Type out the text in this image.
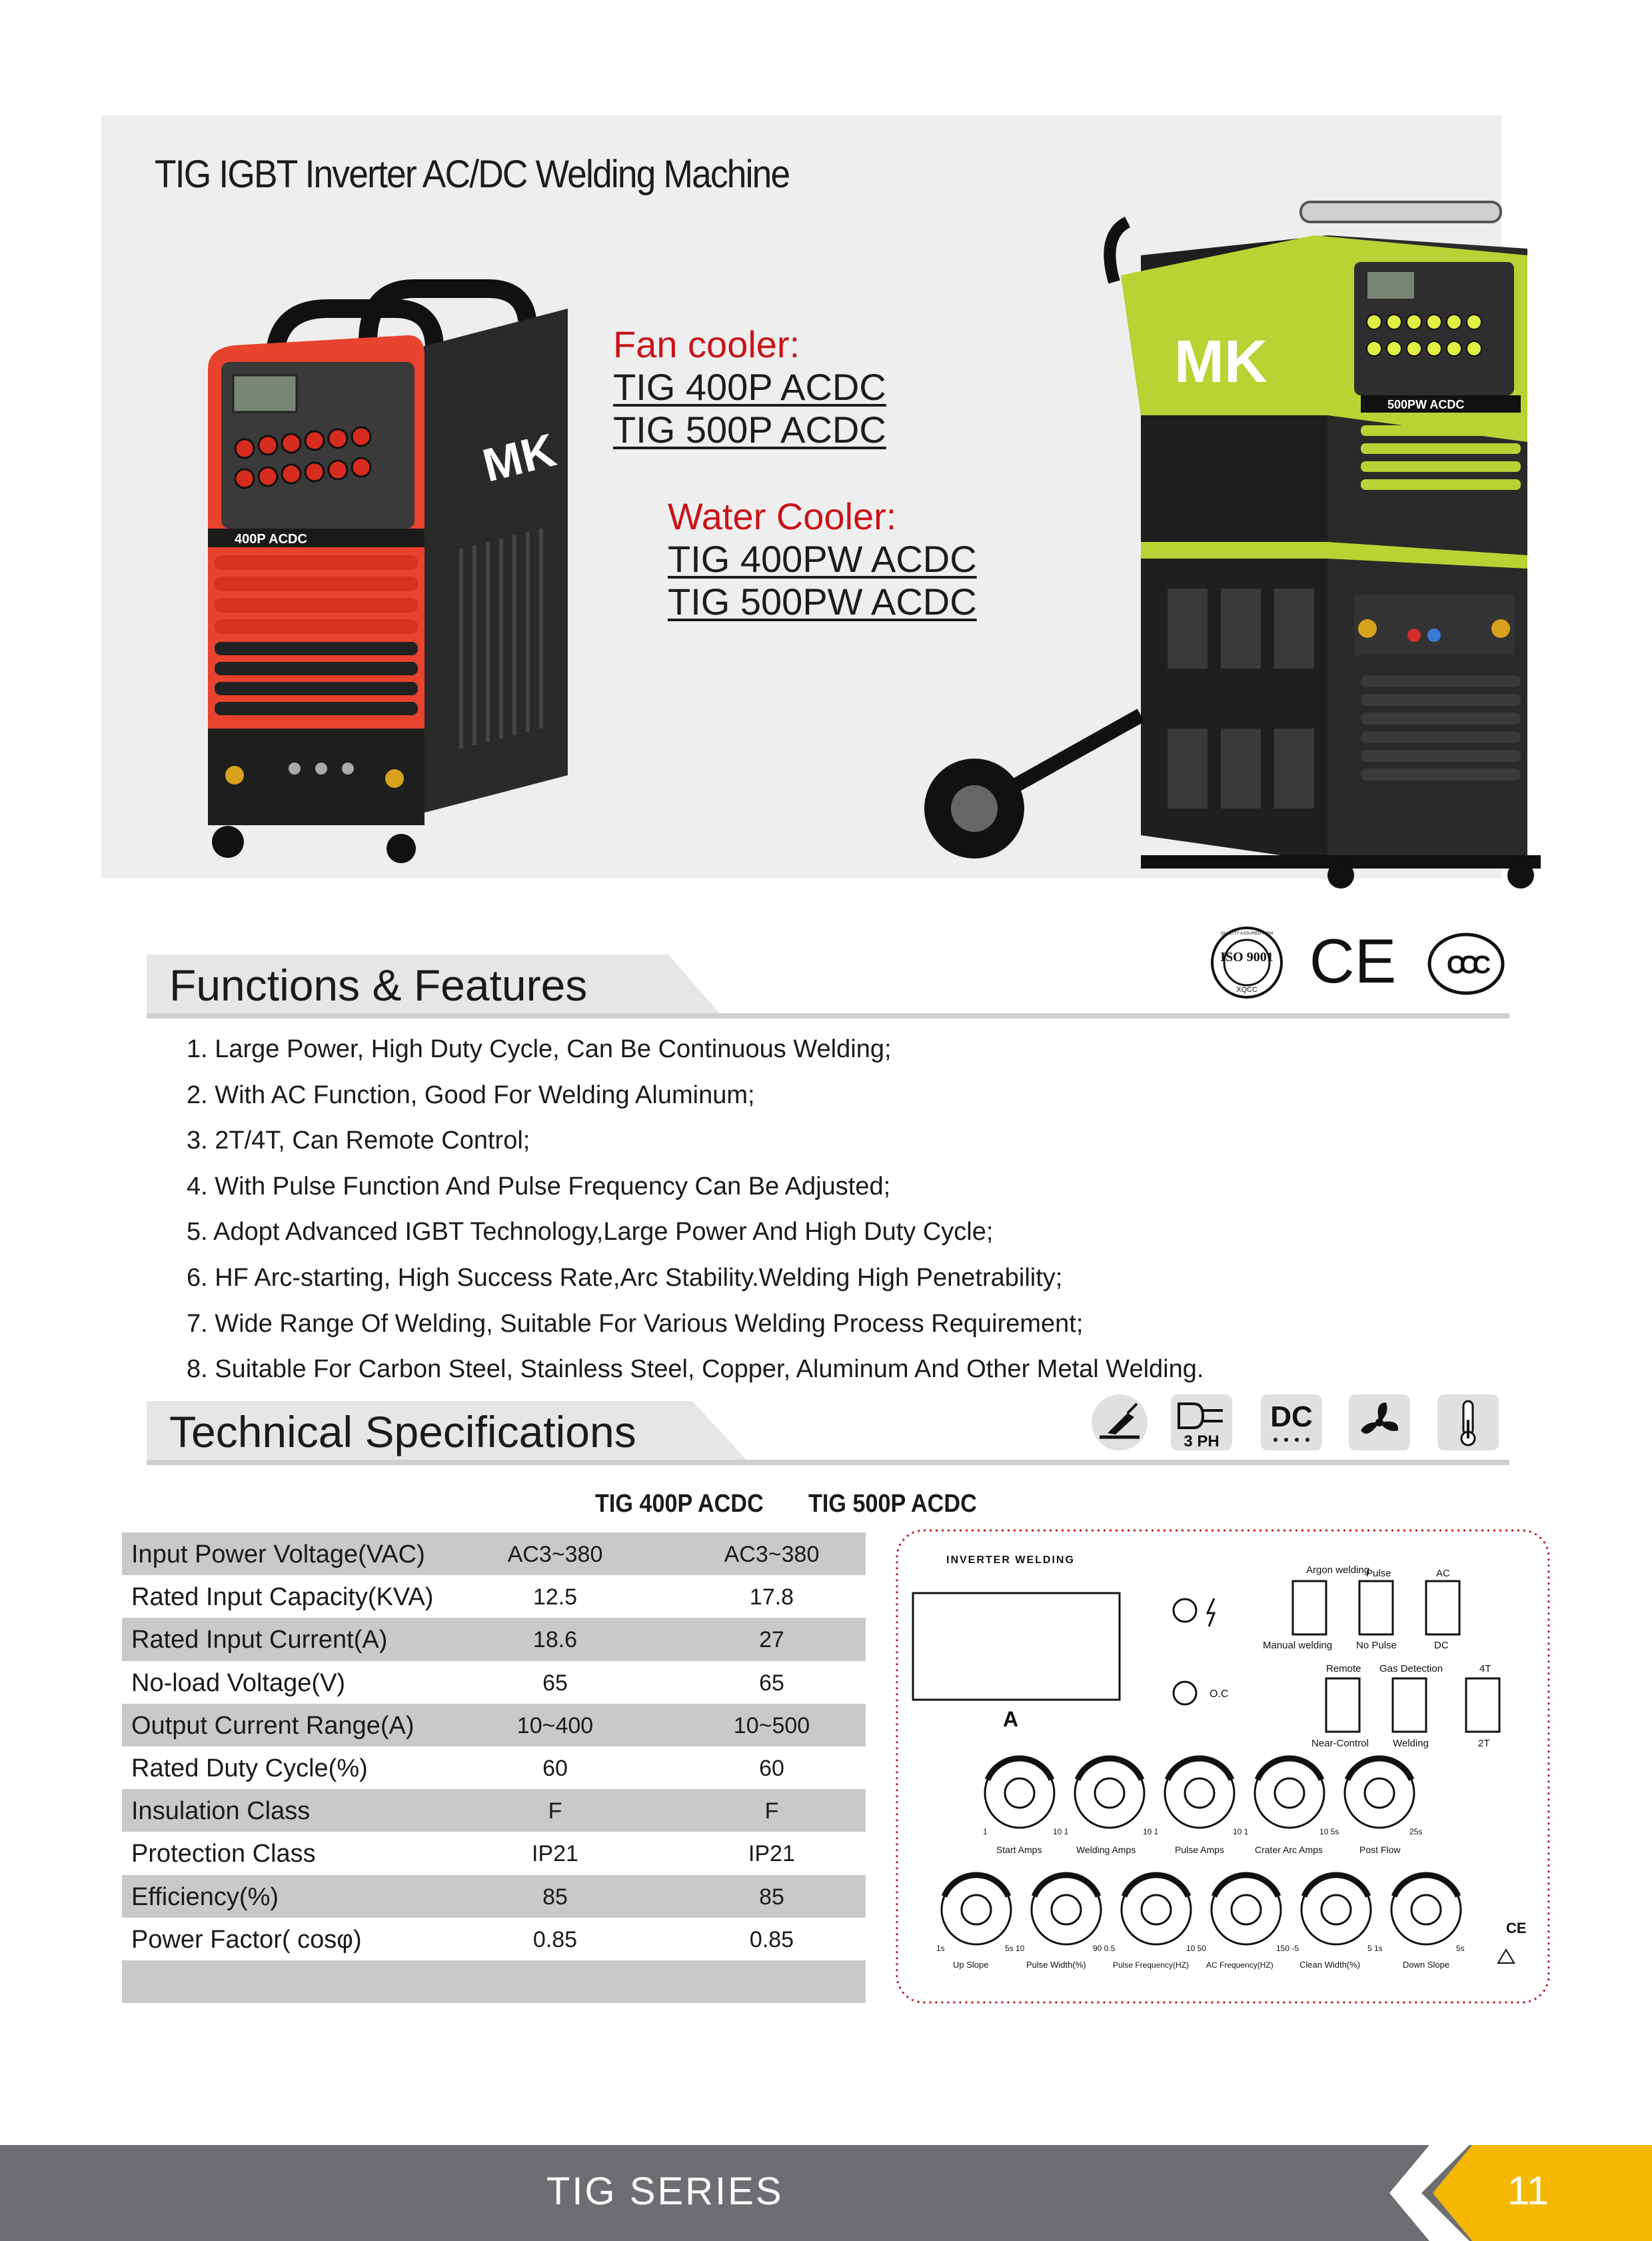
TIG IGBT Inverter AC/DC Welding Machine
400P ACDC
MK
500PW ACDC
MK
Fan cooler:
TIG 400P ACDC
TIG 500P ACDC
Water Cooler:
TIG 400PW ACDC
TIG 500PW ACDC
Functions & Features
ISO 9001
XQCC
QUALITY ASSURED FIRM CE CCC
1. Large Power, High Duty Cycle, Can Be Continuous Welding;
2. With AC Function, Good For Welding Aluminum;
3. 2T/4T, Can Remote Control;
4. With Pulse Function And Pulse Frequency Can Be Adjusted;
5. Adopt Advanced IGBT Technology,Large Power And High Duty Cycle;
6. HF Arc-starting, High Success Rate,Arc Stability.Welding High Penetrability;
7. Wide Range Of Welding, Suitable For Various Welding Process Requirement;
8. Suitable For Carbon Steel, Stainless Steel, Copper, Aluminum And Other Metal Welding.
Technical Specifications	3 PH
DC
TIG 400P ACDC TIG 500P ACDC
Input Power Voltage(VAC)	AC3~380	AC3~380
Rated Input Capacity(KVA)	12.5	17.8
Rated Input Current(A)	18.6	27
No-load Voltage(V)	65	65
Output Current Range(A)	10~400	10~500
Rated Duty Cycle(%)	60	60
Insulation Class	F	F
Protection Class	IP21	IP21
Efficiency(%)	85	85
Power Factor( cosφ)	0.85	0.85
INVERTER WELDING
A
O.C
Argon welding
Pulse	AC
Manual welding No Pulse	DC
Remote Gas Detection	4T
Near-Control Welding	2T
1	10 1	10 1	10 1	10 5s	25s
Start Amps	Welding Amps	Pulse Amps	Crater Arc Amps	Post Flow
1s	5s 10	90 0.5	10 50	150 -5	5 1s	5s
Up Slope	Pulse Width(%)	Pulse Frequency(HZ) AC Frequency(HZ)	Clean Width(%)	Down Slope
CE
TIG SERIES	11
